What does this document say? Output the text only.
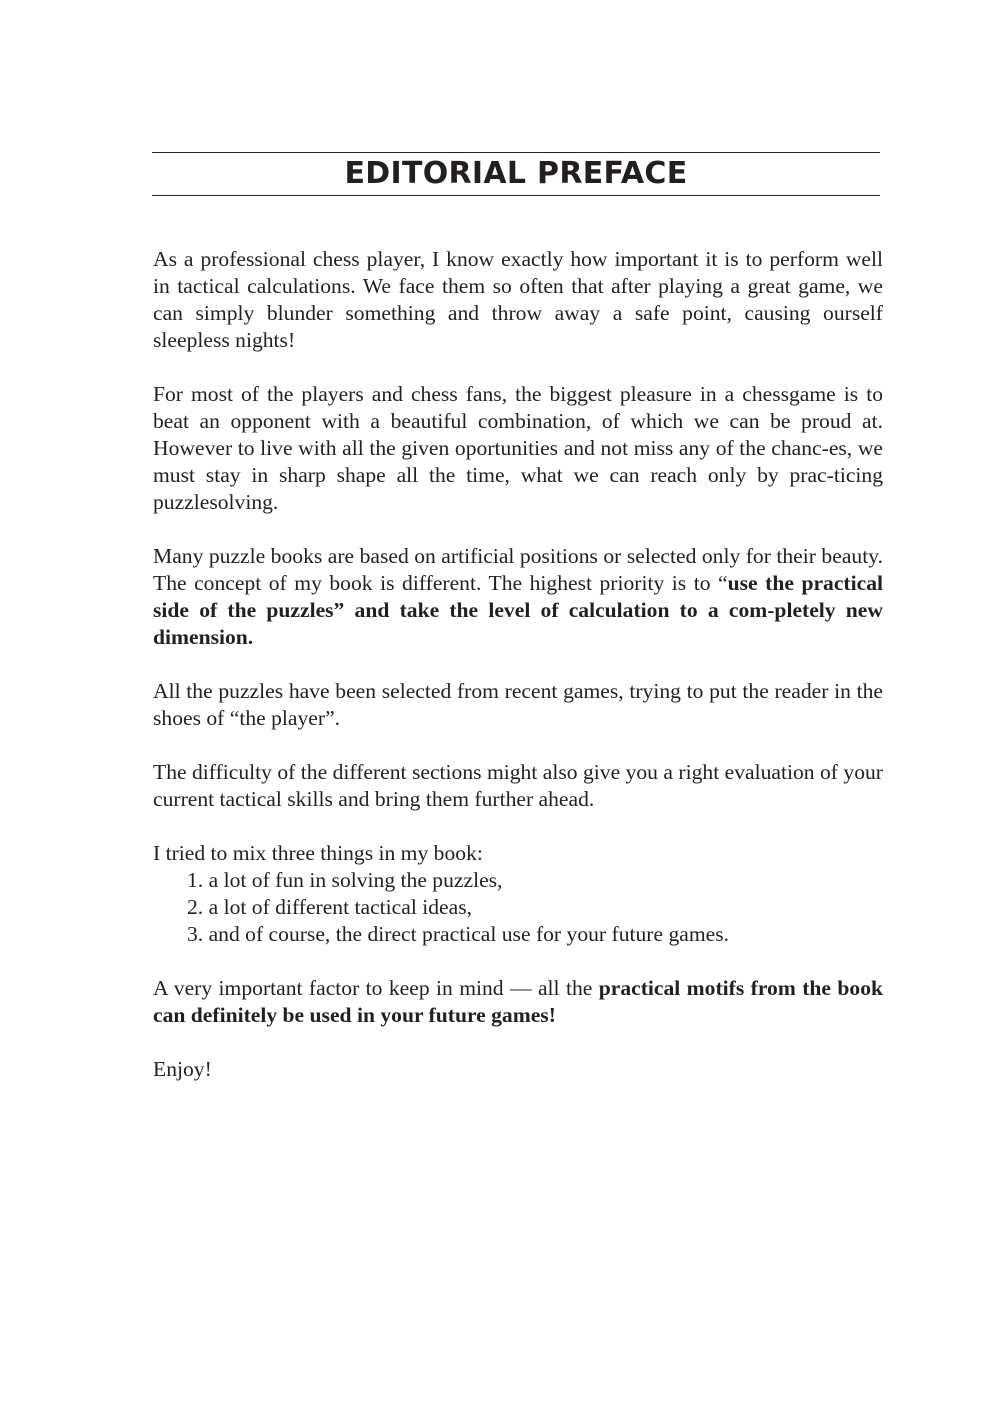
EDITORIAL PREFACE

As a professional chess player, I know exactly how important it is to perform well in tactical calculations. We face them so often that after playing a great game, we can simply blunder something and throw away a safe point, causing ourself sleepless nights!

For most of the players and chess fans, the biggest pleasure in a chessgame is to beat an opponent with a beautiful combination, of which we can be proud at. However to live with all the given oportunities and not miss any of the chanc-es, we must stay in sharp shape all the time, what we can reach only by prac-ticing puzzlesolving.

Many puzzle books are based on artificial positions or selected only for their beauty. The concept of my book is different. The highest priority is to “use the practical side of the puzzles” and take the level of calculation to a com-pletely new dimension.

All the puzzles have been selected from recent games, trying to put the reader in the shoes of “the player”.

The difficulty of the different sections might also give you a right evaluation of your current tactical skills and bring them further ahead.

I tried to mix three things in my book:

1. a lot of fun in solving the puzzles,
2. a lot of different tactical ideas,
3. and of course, the direct practical use for your future games.

A very important factor to keep in mind — all the practical motifs from the book can definitely be used in your future games!

Enjoy!
